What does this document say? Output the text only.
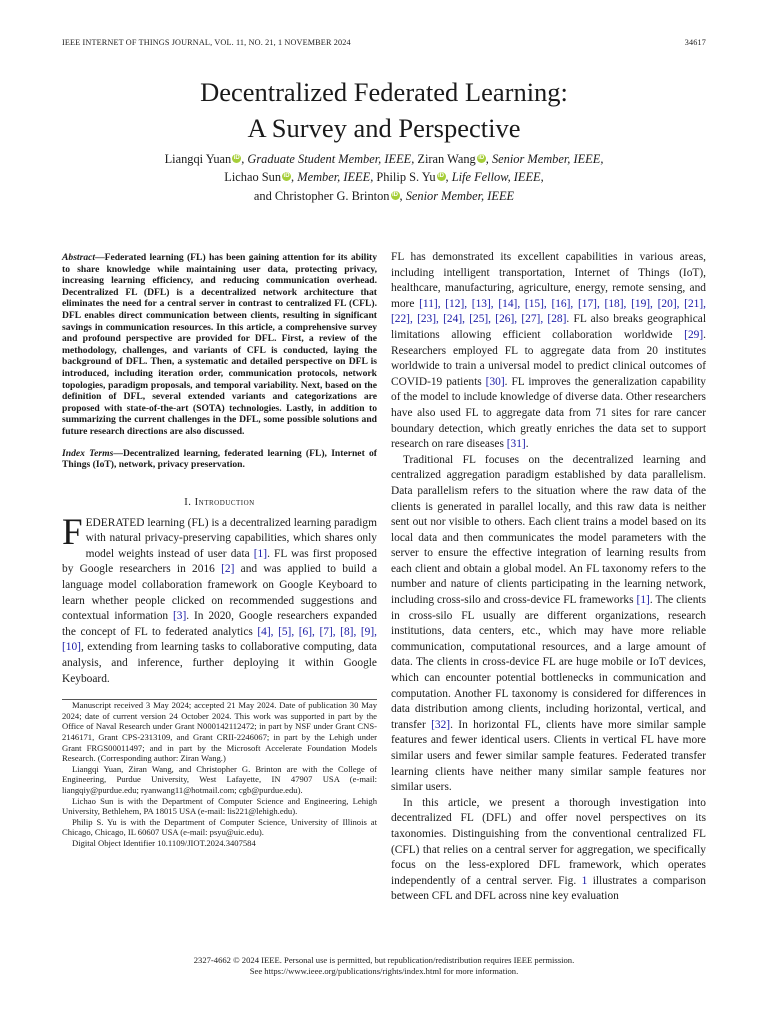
IEEE INTERNET OF THINGS JOURNAL, VOL. 11, NO. 21, 1 NOVEMBER 2024	34617
Decentralized Federated Learning:
A Survey and Perspective
Liangqi Yuan iD , Graduate Student Member, IEEE, Ziran Wang iD , Senior Member, IEEE,
Lichao Sun iD , Member, IEEE, Philip S. Yu iD , Life Fellow, IEEE,
and Christopher G. Brinton iD , Senior Member, IEEE

Abstract—Federated learning (FL) has been gaining attention for its ability to share knowledge while maintaining user data, protecting privacy, increasing learning efficiency, and reducing communication overhead. Decentralized FL (DFL) is a decentralized network architecture that eliminates the need for a central server in contrast to centralized FL (CFL). DFL enables direct communication between clients, resulting in significant savings in communication resources. In this article, a comprehensive survey and profound perspective are provided for DFL. First, a review of the methodology, challenges, and variants of CFL is conducted, laying the background of DFL. Then, a systematic and detailed perspective on DFL is introduced, including iteration order, communication protocols, network topologies, paradigm proposals, and temporal variability. Next, based on the definition of DFL, several extended variants and categorizations are proposed with state-of-the-art (SOTA) technologies. Lastly, in addition to summarizing the current challenges in the DFL, some possible solutions and future research directions are also discussed.

Index Terms—Decentralized learning, federated learning (FL), Internet of Things (IoT), network, privacy preservation.

I. Introduction

FEDERATED learning (FL) is a decentralized learning paradigm with natural privacy-preserving capabilities, which shares only model weights instead of user data [1]. FL was first proposed by Google researchers in 2016 [2] and was applied to build a language model collaboration framework on Google Keyboard to learn whether people clicked on recommended suggestions and contextual information [3]. In 2020, Google researchers expanded the concept of FL to federated analytics [4], [5], [6], [7], [8], [9], [10], extending from learning tasks to collaborative computing, data analysis, and inference, further deploying it within Google Keyboard.

Manuscript received 3 May 2024; accepted 21 May 2024. Date of publication 30 May 2024; date of current version 24 October 2024. This work was supported in part by the Office of Naval Research under Grant N000142112472; in part by NSF under Grant CNS-2146171, Grant CPS-2313109, and Grant CRII-2246067; in part by the Lehigh under Grant FRGS00011497; and in part by the Microsoft Accelerate Foundation Models Research. (Corresponding author: Ziran Wang.)

Liangqi Yuan, Ziran Wang, and Christopher G. Brinton are with the College of Engineering, Purdue University, West Lafayette, IN 47907 USA (e-mail: liangqiy@purdue.edu; ryanwang11@hotmail.com; cgb@purdue.edu).

Lichao Sun is with the Department of Computer Science and Engineering, Lehigh University, Bethlehem, PA 18015 USA (e-mail: lis221@lehigh.edu).

Philip S. Yu is with the Department of Computer Science, University of Illinois at Chicago, Chicago, IL 60607 USA (e-mail: psyu@uic.edu).

Digital Object Identifier 10.1109/JIOT.2024.3407584

FL has demonstrated its excellent capabilities in various areas, including intelligent transportation, Internet of Things (IoT), healthcare, manufacturing, agriculture, energy, remote sensing, and more [11], [12], [13], [14], [15], [16], [17], [18], [19], [20], [21], [22], [23], [24], [25], [26], [27], [28]. FL also breaks geographical limitations allowing efficient collaboration worldwide [29]. Researchers employed FL to aggregate data from 20 institutes worldwide to train a universal model to predict clinical outcomes of COVID-19 patients [30]. FL improves the generalization capability of the model to include knowledge of diverse data. Other researchers have also used FL to aggregate data from 71 sites for rare cancer boundary detection, which greatly enriches the data set to support research on rare diseases [31].

Traditional FL focuses on the decentralized learning and centralized aggregation paradigm established by data parallelism. Data parallelism refers to the situation where the raw data of the clients is generated in parallel locally, and this raw data is neither sent out nor visible to others. Each client trains a model based on its local data and then communicates the model parameters with the server to ensure the effective integration of learning results from each client and obtain a global model. An FL taxonomy refers to the number and nature of clients participating in the learning network, including cross-silo and cross-device FL frameworks [1]. The clients in cross-silo FL usually are different organizations, research institutions, data centers, etc., which may have more reliable communication, computational resources, and a large amount of data. The clients in cross-device FL are huge mobile or IoT devices, which can encounter potential bottlenecks in communication and computation. Another FL taxonomy is considered for differences in data distribution among clients, including horizontal, vertical, and transfer [32]. In horizontal FL, clients have more similar sample features and fewer identical users. Clients in vertical FL have more similar users and fewer similar sample features. Federated transfer learning clients have neither many similar sample features nor similar users.

In this article, we present a thorough investigation into decentralized FL (DFL) and offer novel perspectives on its taxonomies. Distinguishing from the conventional centralized FL (CFL) that relies on a central server for aggregation, we specifically focus on the less-explored DFL framework, which operates independently of a central server. Fig. 1 illustrates a comparison between CFL and DFL across nine key evaluation

2327-4662 © 2024 IEEE. Personal use is permitted, but republication/redistribution requires IEEE permission.
See https://www.ieee.org/publications/rights/index.html for more information.
